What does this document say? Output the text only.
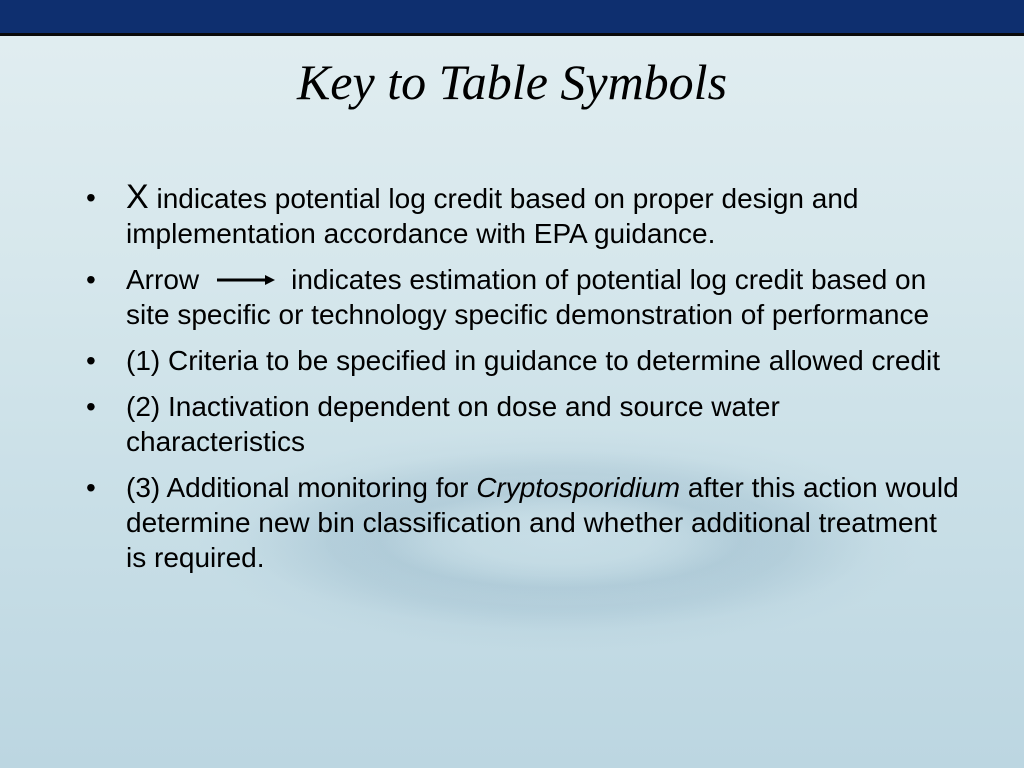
Key to Table Symbols
• X indicates potential log credit based on proper design and implementation accordance with EPA guidance.
• Arrow	indicates estimation of potential log credit based on site specific or technology specific demonstration of performance
• (1) Criteria to be specified in guidance to determine allowed credit
• (2) Inactivation dependent on dose and source water characteristics
• (3) Additional monitoring for Cryptosporidium after this action would determine new bin classification and whether additional treatment is required.
